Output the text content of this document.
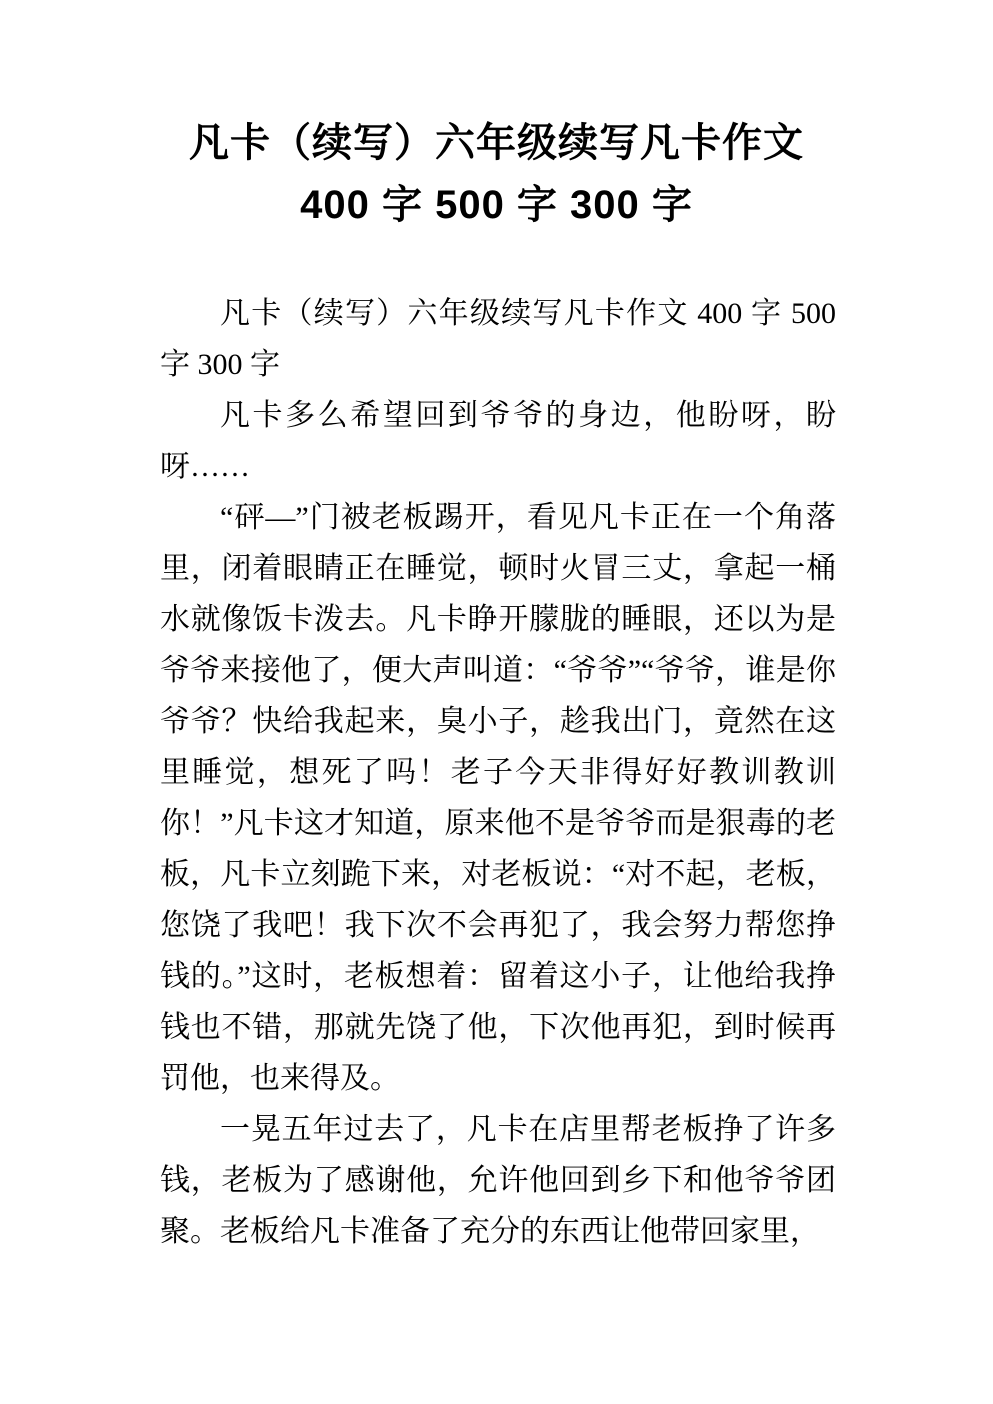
凡卡（续写）六年级续写凡卡作文
400 字 500 字 300 字

凡卡（续写）六年级续写凡卡作文 400 字 500 字 300 字

凡卡多么希望回到爷爷的身边，他盼呀，盼呀……

“砰—”门被老板踢开，看见凡卡正在一个角落里，闭着眼睛正在睡觉，顿时火冒三丈，拿起一桶水就像饭卡泼去。凡卡睁开朦胧的睡眼，还以为是爷爷来接他了，便大声叫道：“爷爷”“爷爷，谁是你爷爷？快给我起来，臭小子，趁我出门，竟然在这里睡觉，想死了吗！老子今天非得好好教训教训你！”凡卡这才知道，原来他不是爷爷而是狠毒的老板，凡卡立刻跪下来，对老板说：“对不起，老板，您饶了我吧！我下次不会再犯了，我会努力帮您挣钱的。”这时，老板想着：留着这小子，让他给我挣钱也不错，那就先饶了他，下次他再犯，到时候再罚他，也来得及。

一晃五年过去了，凡卡在店里帮老板挣了许多钱，老板为了感谢他，允许他回到乡下和他爷爷团聚。老板给凡卡准备了充分的东西让他带回家里，
